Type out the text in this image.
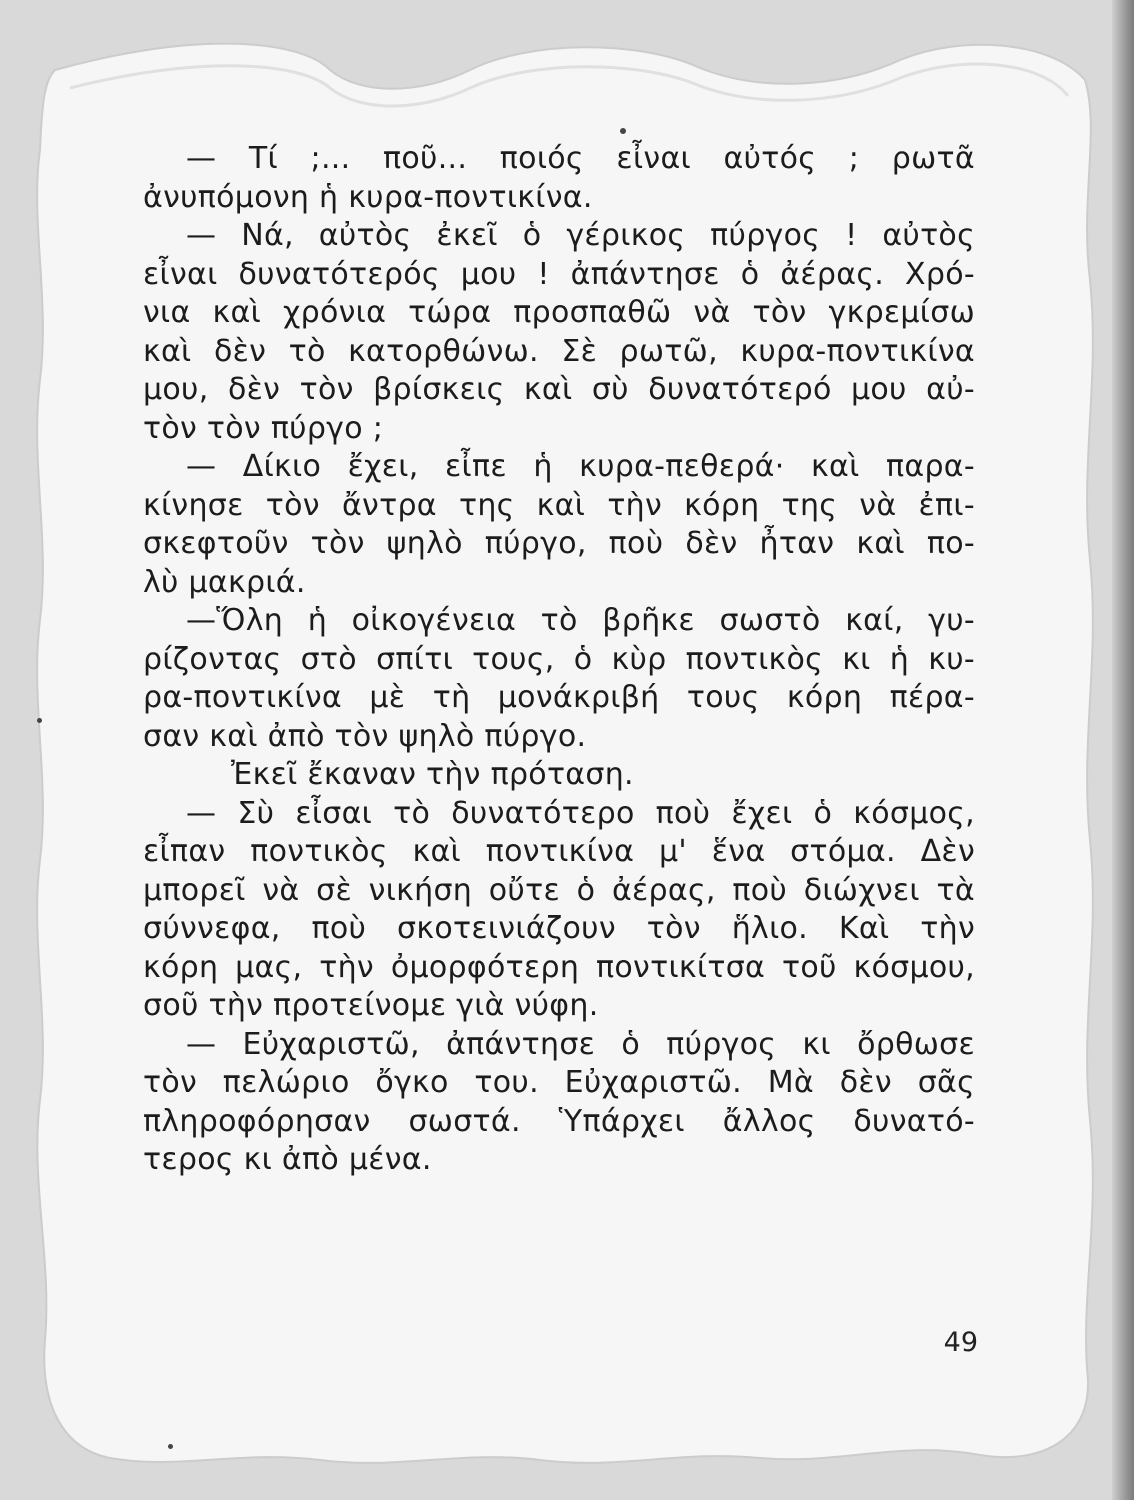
— Τί ;... ποῦ... ποιός εἶναι αὐτός ; ρωτᾶ
ἀνυπόμονη ἡ κυρα-ποντικίνα.
— Νά, αὐτὸς ἐκεῖ ὁ γέρικος πύργος ! αὐτὸς
εἶναι δυνατότερός μου ! ἀπάντησε ὁ ἀέρας. Χρό-
νια καὶ χρόνια τώρα προσπαθῶ νὰ τὸν γκρεμίσω
καὶ δὲν τὸ κατορθώνω. Σὲ ρωτῶ, κυρα-ποντικίνα
μου, δὲν τὸν βρίσκεις καὶ σὺ δυνατότερό μου αὐ-
τὸν τὸν πύργο ;
— Δίκιο ἔχει, εἶπε ἡ κυρα-πεθερά· καὶ παρα-
κίνησε τὸν ἄντρα της καὶ τὴν κόρη της νὰ ἐπι-
σκεφτοῦν τὸν ψηλὸ πύργο, ποὺ δὲν ἦταν καὶ πο-
λὺ μακριά.
—Ὅλη ἡ οἰκογένεια τὸ βρῆκε σωστὸ καί, γυ-
ρίζοντας στὸ σπίτι τους, ὁ κὺρ ποντικὸς κι ἡ κυ-
ρα-ποντικίνα μὲ τὴ μονάκριβή τους κόρη πέρα-
σαν καὶ ἀπὸ τὸν ψηλὸ πύργο.
Ἐκεῖ ἔκαναν τὴν πρόταση.
— Σὺ εἶσαι τὸ δυνατότερο ποὺ ἔχει ὁ κόσμος,
εἶπαν ποντικὸς καὶ ποντικίνα μ' ἕνα στόμα. Δὲν
μπορεῖ νὰ σὲ νικήση οὔτε ὁ ἀέρας, ποὺ διώχνει τὰ
σύννεφα, ποὺ σκοτεινιάζουν τὸν ἥλιο. Καὶ τὴν
κόρη μας, τὴν ὀμορφότερη ποντικίτσα τοῦ κόσμου,
σοῦ τὴν προτείνομε γιὰ νύφη.
— Εὐχαριστῶ, ἀπάντησε ὁ πύργος κι ὄρθωσε
τὸν πελώριο ὄγκο του. Εὐχαριστῶ. Μὰ δὲν σᾶς
πληροφόρησαν σωστά. Ὑπάρχει ἄλλος δυνατό-
τερος κι ἀπὸ μένα.
49
